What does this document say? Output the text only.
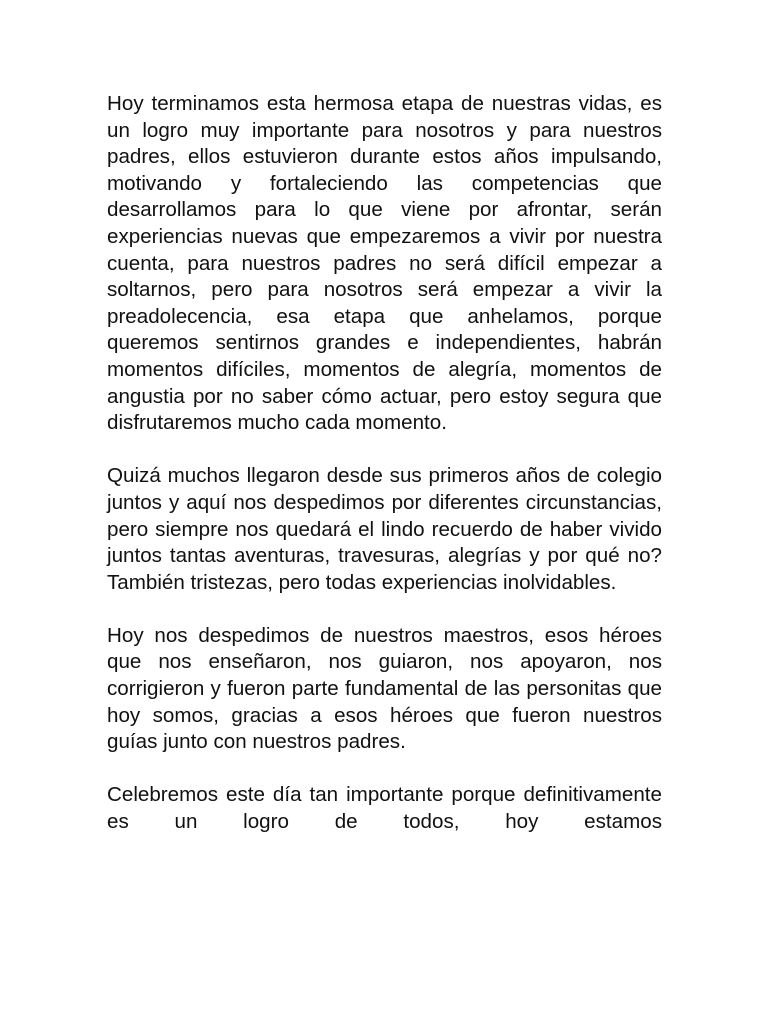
Hoy terminamos esta hermosa etapa de nuestras vidas, es un logro muy importante para nosotros y para nuestros padres, ellos estuvieron durante estos años impulsando, motivando y fortaleciendo las competencias que desarrollamos para lo que viene por afrontar, serán experiencias nuevas que empezaremos a vivir por nuestra cuenta, para nuestros padres no será difícil empezar a soltarnos, pero para nosotros será empezar a vivir la preadolecencia, esa etapa que anhelamos, porque queremos sentirnos grandes e independientes, habrán momentos difíciles, momentos de alegría, momentos de angustia por no saber cómo actuar, pero estoy segura que disfrutaremos mucho cada momento.

Quizá muchos llegaron desde sus primeros años de colegio juntos y aquí nos despedimos por diferentes circunstancias, pero siempre nos quedará el lindo recuerdo de haber vivido juntos tantas aventuras, travesuras, alegrías y por qué no? También tristezas, pero todas experiencias inolvidables.

Hoy nos despedimos de nuestros maestros, esos héroes que nos enseñaron, nos guiaron, nos apoyaron, nos corrigieron y fueron parte fundamental de las personitas que hoy somos, gracias a esos héroes que fueron nuestros guías junto con nuestros padres.

Celebremos este día tan importante porque definitivamente es un logro de todos, hoy estamos
